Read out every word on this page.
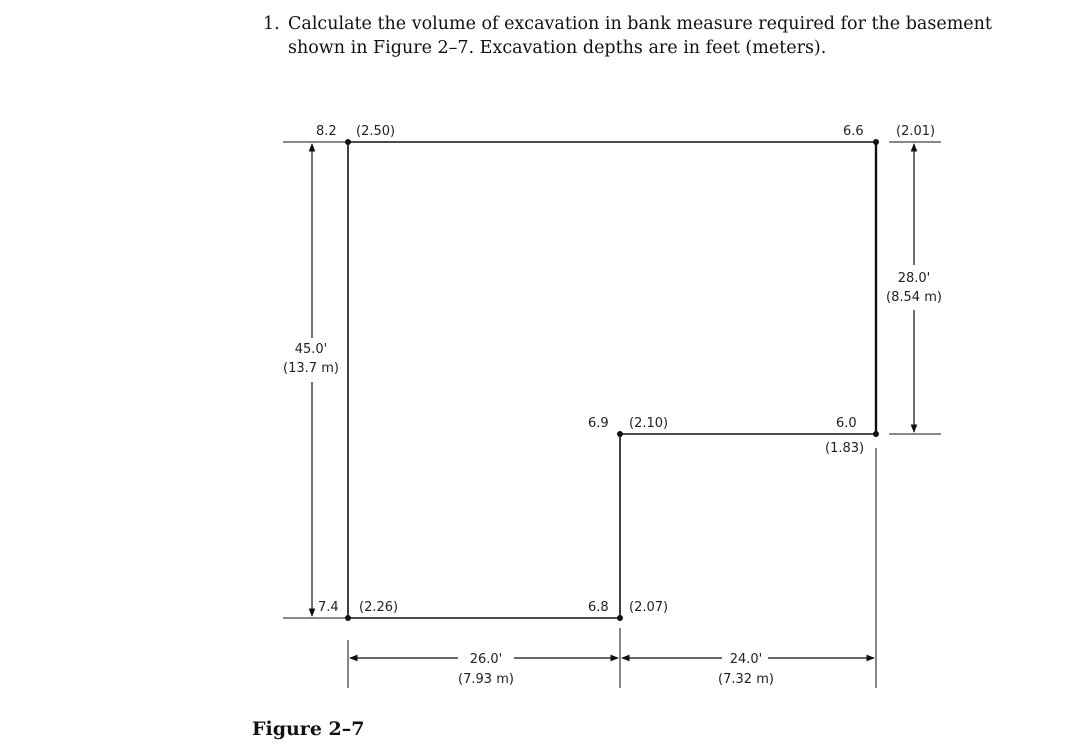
1. Calculate the volume of excavation in bank measure required for the basement shown in Figure 2–7. Excavation depths are in feet (meters).
8.2 (2.50)	6.6 (2.01)
6.9 (2.10)	6.0
(1.83)
7.4 (2.26)	6.8 (2.07)
45.0'
(13.7 m)
28.0'
(8.54 m)
26.0'
(7.93 m)
24.0'
(7.32 m)
Figure 2–7
